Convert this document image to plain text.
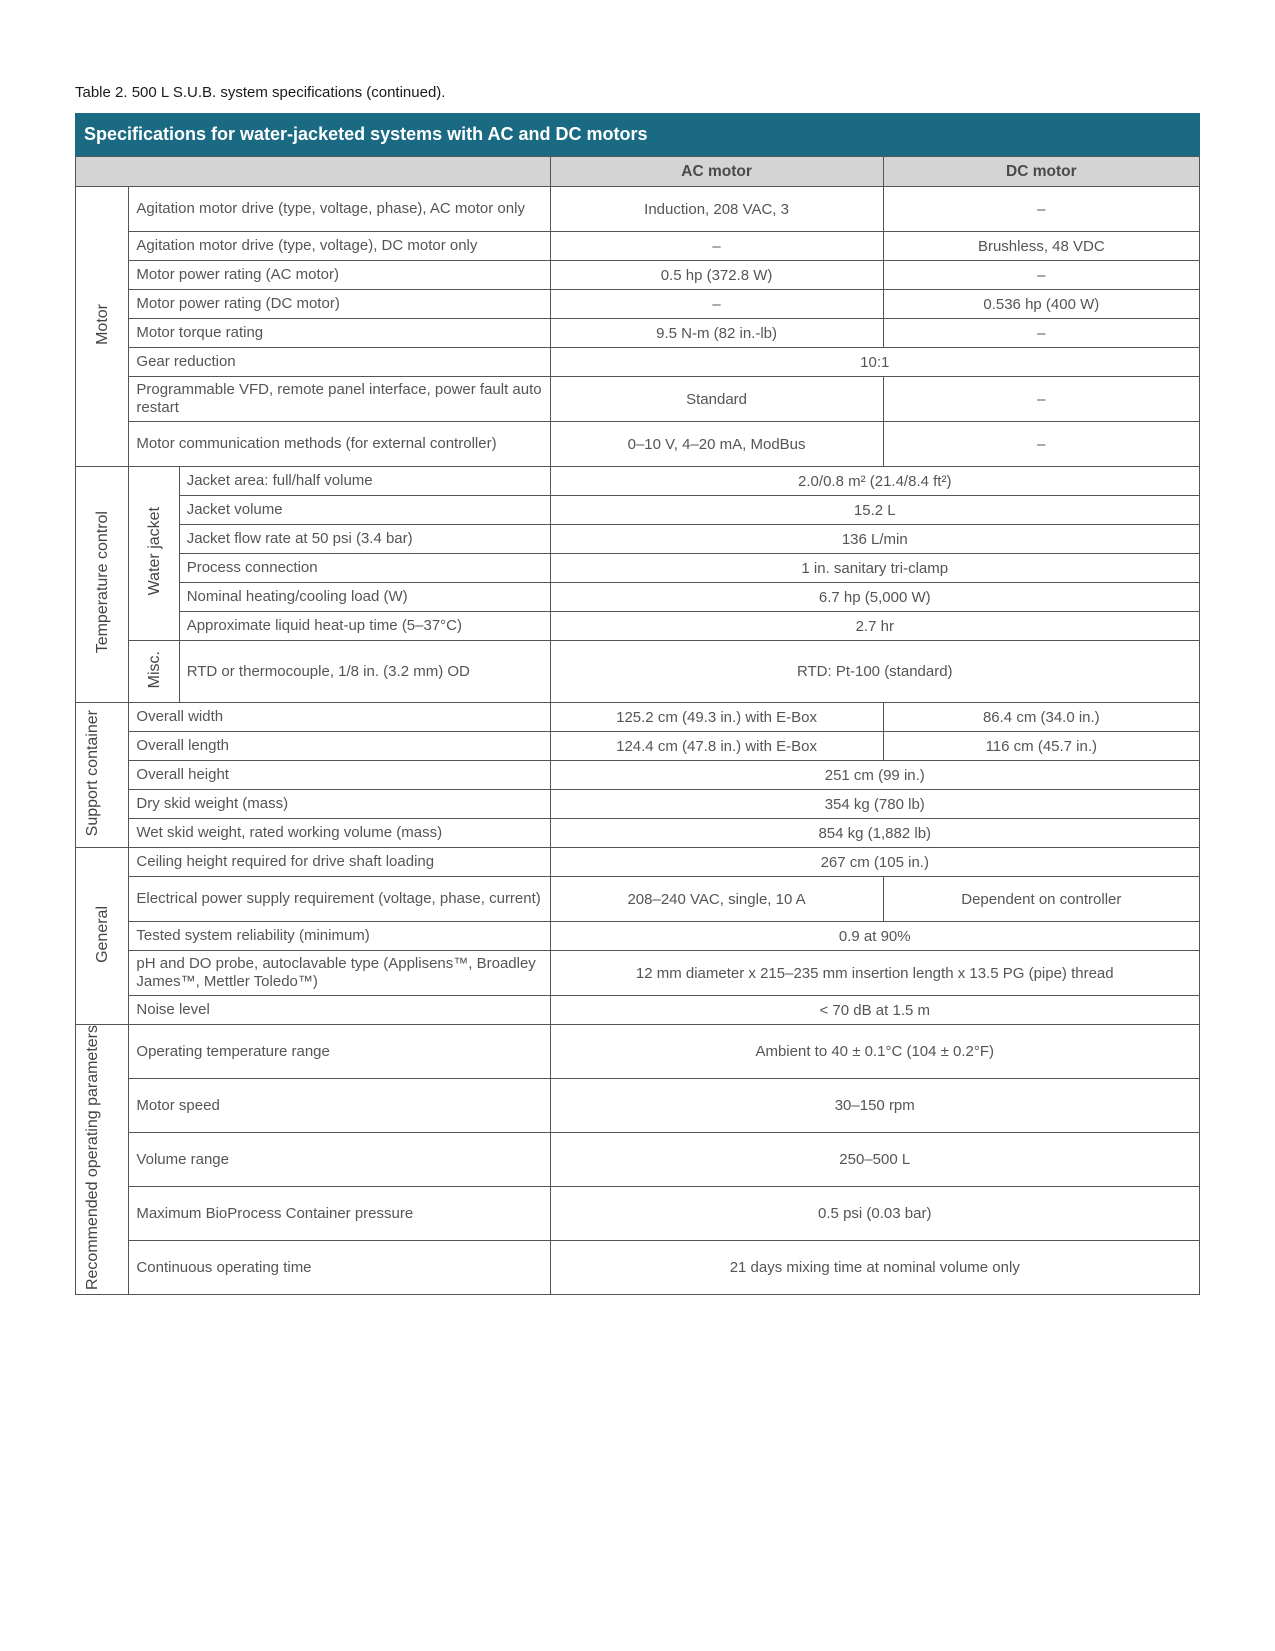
Table 2. 500 L S.U.B. system specifications (continued).
Specifications for water-jacketed systems with AC and DC motors
			AC motor	DC motor
Motor	Agitation motor drive (type, voltage, phase), AC motor only		Induction, 208 VAC, 3	–
	Agitation motor drive (type, voltage), DC motor only		–	Brushless, 48 VDC
	Motor power rating (AC motor)		0.5 hp (372.8 W)	–
	Motor power rating (DC motor)		–	0.536 hp (400 W)
	Motor torque rating		9.5 N-m (82 in.-lb)	–
	Gear reduction		10:1	
	Programmable VFD, remote panel interface, power fault auto restart		Standard	–
	Motor communication methods (for external controller)		0–10 V, 4–20 mA, ModBus	–
Temperature control	Water jacket	Jacket area: full/half volume	2.0/0.8 m² (21.4/8.4 ft²)	
		Jacket volume	15.2 L	
		Jacket flow rate at 50 psi (3.4 bar)	136 L/min	
		Process connection	1 in. sanitary tri-clamp	
		Nominal heating/cooling load (W)	6.7 hp (5,000 W)	
		Approximate liquid heat-up time (5–37°C)	2.7 hr	
	Misc.	RTD or thermocouple, 1/8 in. (3.2 mm) OD	RTD: Pt-100 (standard)	
Support container	Overall width		125.2 cm (49.3 in.) with E-Box	86.4 cm (34.0 in.)
	Overall length		124.4 cm (47.8 in.) with E-Box	116 cm (45.7 in.)
	Overall height		251 cm (99 in.)	
	Dry skid weight (mass)		354 kg (780 lb)	
	Wet skid weight, rated working volume (mass)		854 kg (1,882 lb)	
General	Ceiling height required for drive shaft loading		267 cm (105 in.)	
	Electrical power supply requirement (voltage, phase, current)		208–240 VAC, single, 10 A	Dependent on controller
	Tested system reliability (minimum)		0.9 at 90%	
	pH and DO probe, autoclavable type (Applisens™, Broadley James™, Mettler Toledo™)		12 mm diameter x 215–235 mm insertion length x 13.5 PG (pipe) thread	
	Noise level		< 70 dB at 1.5 m	
Recommended operating parameters	Operating temperature range		Ambient to 40 ± 0.1°C (104 ± 0.2°F)	
	Motor speed		30–150 rpm	
	Volume range		250–500 L	
	Maximum BioProcess Container pressure		0.5 psi (0.03 bar)	
	Continuous operating time		21 days mixing time at nominal volume only	
